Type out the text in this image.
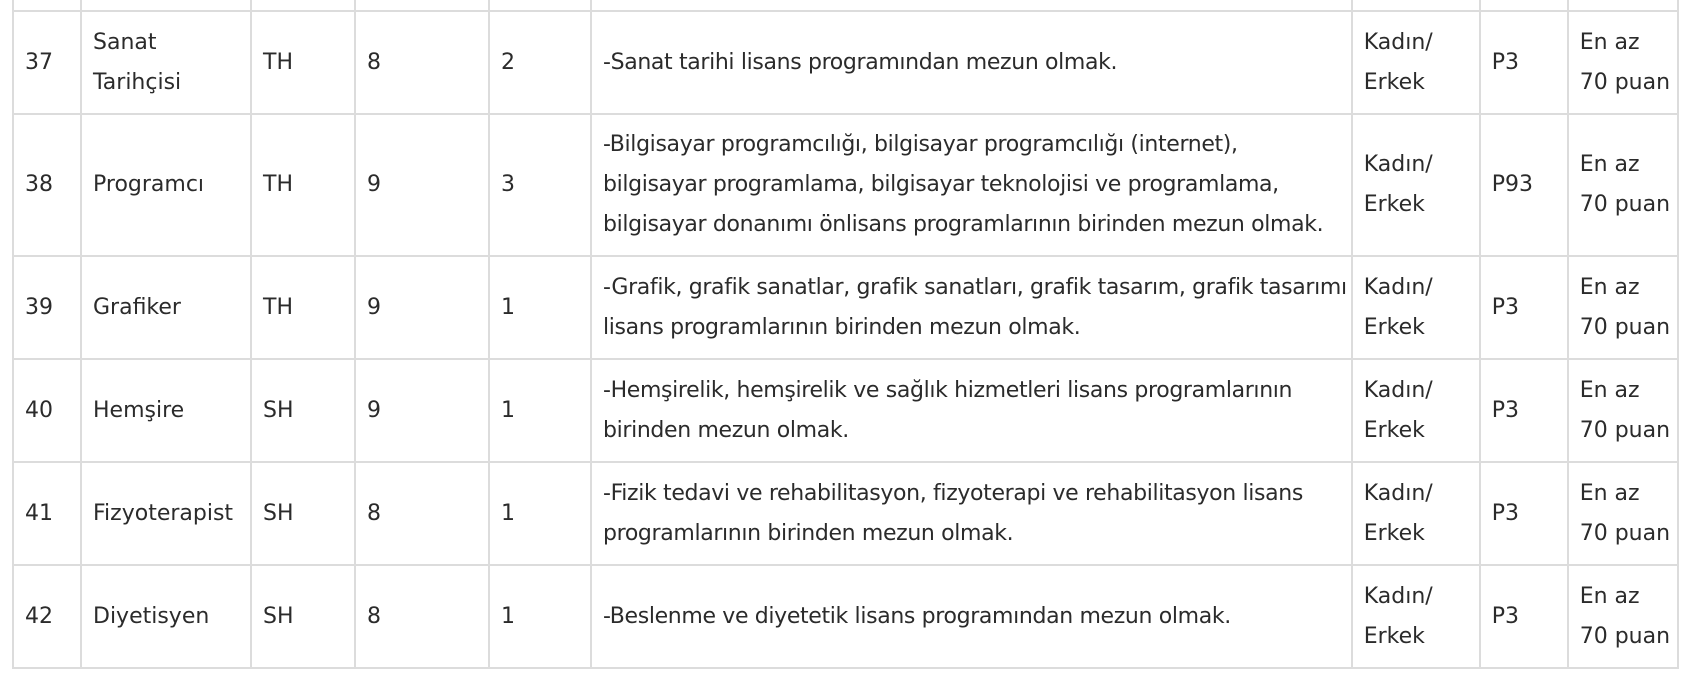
37	Sanat
Tarihçisi	TH	8	2	-Sanat tarihi lisans programından mezun olmak.	Kadın/
Erkek	P3	En az
70 puan

38	Programcı	TH	9	3	-Bilgisayar programcılığı, bilgisayar programcılığı (internet),
bilgisayar programlama, bilgisayar teknolojisi ve programlama,
bilgisayar donanımı önlisans programlarının birinden mezun olmak.	Kadın/
Erkek	P93	En az
70 puan

39	Grafiker	TH	9	1	-Grafik, grafik sanatlar, grafik sanatları, grafik tasarım, grafik tasarımı
lisans programlarının birinden mezun olmak.	Kadın/
Erkek	P3	En az
70 puan

40	Hemşire	SH	9	1	-Hemşirelik, hemşirelik ve sağlık hizmetleri lisans programlarının
birinden mezun olmak.	Kadın/
Erkek	P3	En az
70 puan

41	Fizyoterapist	SH	8	1	-Fizik tedavi ve rehabilitasyon, fizyoterapi ve rehabilitasyon lisans
programlarının birinden mezun olmak.	Kadın/
Erkek	P3	En az
70 puan

42	Diyetisyen	SH	8	1	-Beslenme ve diyetetik lisans programından mezun olmak.	Kadın/
Erkek	P3	En az
70 puan
